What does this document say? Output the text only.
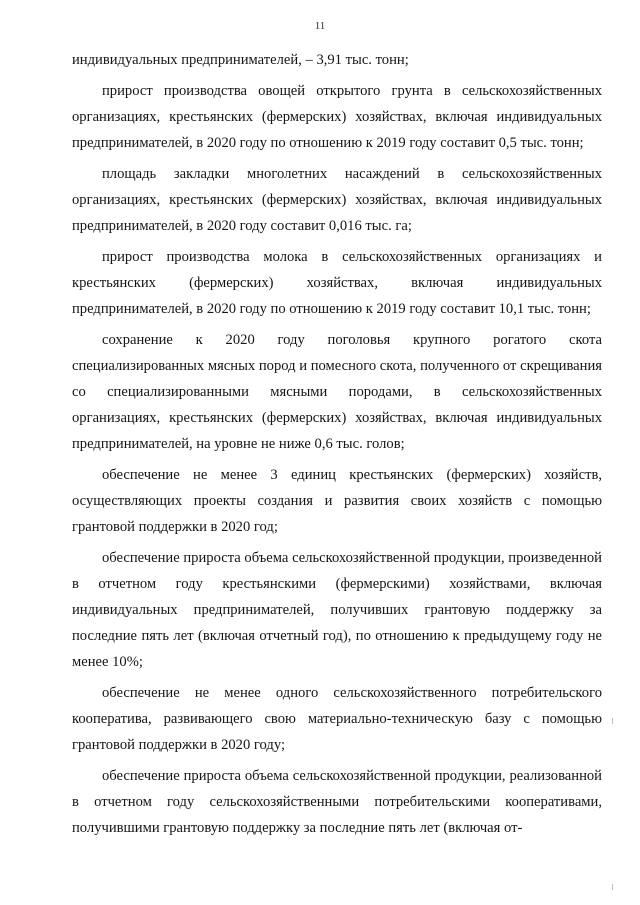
11

индивидуальных предпринимателей, – 3,91 тыс. тонн;

прирост производства овощей открытого грунта в сельскохозяйственных организациях, крестьянских (фермерских) хозяйствах, включая индивидуальных предпринимателей, в 2020 году по отношению к 2019 году составит 0,5 тыс. тонн;

площадь закладки многолетних насаждений в сельскохозяйственных организациях, крестьянских (фермерских) хозяйствах, включая индивидуальных предпринимателей, в 2020 году составит 0,016 тыс. га;

прирост производства молока в сельскохозяйственных организациях и крестьянских (фермерских) хозяйствах, включая индивидуальных предпринимателей, в 2020 году по отношению к 2019 году составит 10,1 тыс. тонн;

сохранение к 2020 году поголовья крупного рогатого скота специализированных мясных пород и помесного скота, полученного от скрещивания со специализированными мясными породами, в сельскохозяйственных организациях, крестьянских (фермерских) хозяйствах, включая индивидуальных предпринимателей, на уровне не ниже 0,6 тыс. голов;

обеспечение не менее 3 единиц крестьянских (фермерских) хозяйств, осуществляющих проекты создания и развития своих хозяйств с помощью грантовой поддержки в 2020 год;

обеспечение прироста объема сельскохозяйственной продукции, произведенной в отчетном году крестьянскими (фермерскими) хозяйствами, включая индивидуальных предпринимателей, получивших грантовую поддержку за последние пять лет (включая отчетный год), по отношению к предыдущему году не менее 10%;

обеспечение не менее одного сельскохозяйственного потребительского кооператива, развивающего свою материально-техническую базу с помощью грантовой поддержки в 2020 году;

обеспечение прироста объема сельскохозяйственной продукции, реализованной в отчетном году сельскохозяйственными потребительскими кооперативами, получившими грантовую поддержку за последние пять лет (включая от-
